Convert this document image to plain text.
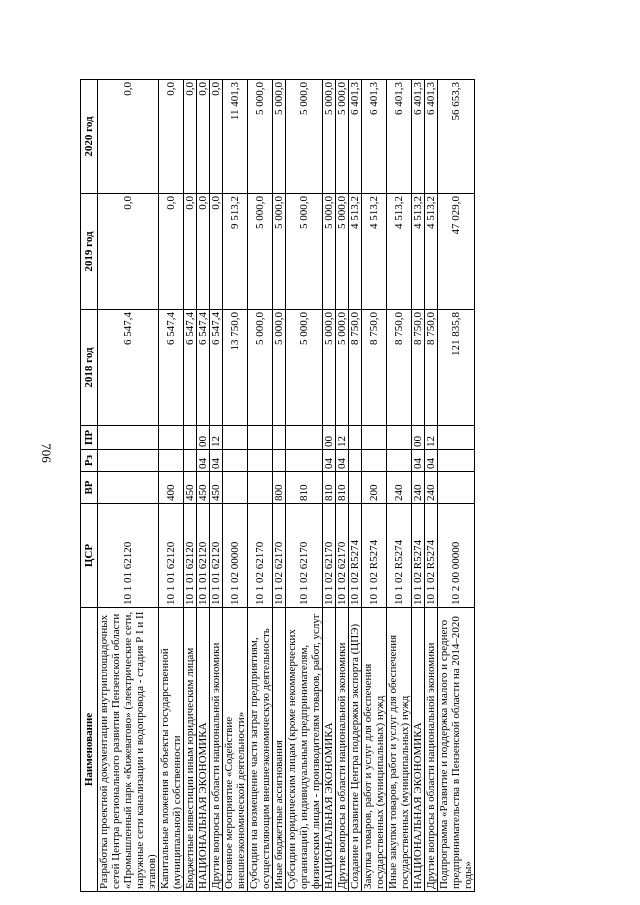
706
Наименование	ЦСР	ВР	Рз	ПР	2018 год	2019 год	2020 год
Разработка проектной документации внутриплощадочных сетей Центра регионального развития Пензенской области «Промышленный парк «Кижеватово» (электрические сети, наружные сети канализации и водопровода - стадия Р I и II этапов)	10 1 01 62120				6 547,4	0,0	0,0
Капитальные вложения в объекты государственной (муниципальной) собственности	10 1 01 62120	400			6 547,4	0,0	0,0
Бюджетные инвестиции иным юридическим лицам	10 1 01 62120	450			6 547,4	0,0	0,0
НАЦИОНАЛЬНАЯ ЭКОНОМИКА	10 1 01 62120	450	04	00	6 547,4	0,0	0,0
Другие вопросы в области национальной экономики	10 1 01 62120	450	04	12	6 547,4	0,0	0,0
Основное мероприятие «Содействие внешнеэкономической деятельности»	10 1 02 00000				13 750,0	9 513,2	11 401,3
Субсидии на возмещение части затрат предприятиям, осуществляющим внешнеэкономическую деятельность	10 1 02 62170				5 000,0	5 000,0	5 000,0
Иные бюджетные ассигнования	10 1 02 62170	800			5 000,0	5 000,0	5 000,0
Субсидии юридическим лицам (кроме некоммерческих организаций), индивидуальным предпринимателям, физическим лицам - производителям товаров, работ, услуг	10 1 02 62170	810			5 000,0	5 000,0	5 000,0
НАЦИОНАЛЬНАЯ ЭКОНОМИКА	10 1 02 62170	810	04	00	5 000,0	5 000,0	5 000,0
Другие вопросы в области национальной экономики	10 1 02 62170	810	04	12	5 000,0	5 000,0	5 000,0
Создание и развитие Центра поддержки экспорта (ЦПЭ)	10 1 02 R5274				8 750,0	4 513,2	6 401,3
Закупка товаров, работ и услуг для обеспечения государственных (муниципальных) нужд	10 1 02 R5274	200			8 750,0	4 513,2	6 401,3
Иные закупки товаров, работ и услуг для обеспечения государственных (муниципальных) нужд	10 1 02 R5274	240			8 750,0	4 513,2	6 401,3
НАЦИОНАЛЬНАЯ ЭКОНОМИКА	10 1 02 R5274	240	04	00	8 750,0	4 513,2	6 401,3
Другие вопросы в области национальной экономики	10 1 02 R5274	240	04	12	8 750,0	4 513,2	6 401,3
Подпрограмма «Развитие и поддержка малого и среднего предпринимательства в Пензенской области на 2014–2020 годы»	10 2 00 00000				121 835,8	47 029,0	56 653,3
